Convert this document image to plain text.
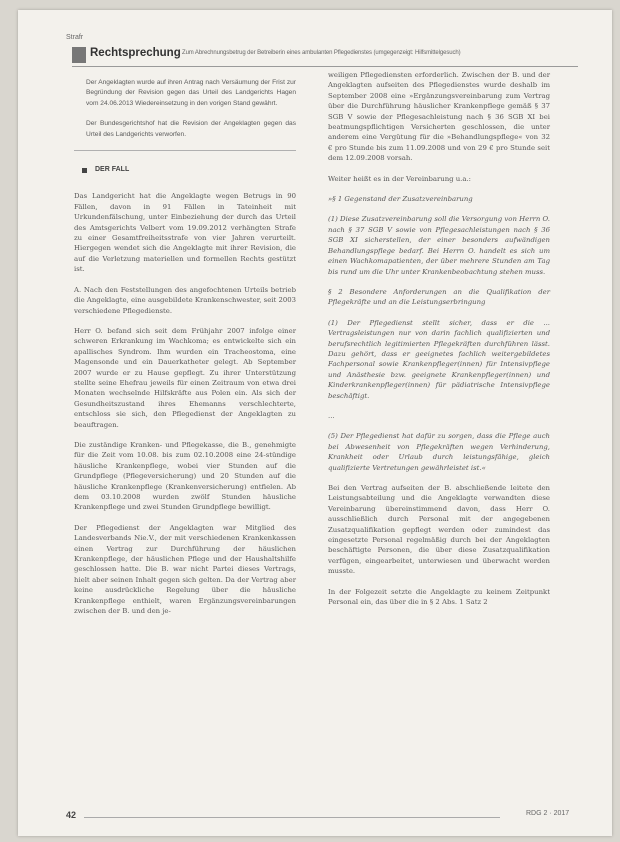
Strafr
Rechtsprechung Zum Abrechnungsbetrug der Betreiberin eines ambulanten Pflegedienstes (umgegenzeigt: Hilfsmittelgesuch)

Der Angeklagten wurde auf ihren Antrag nach Versäumung der Frist zur Begründung der Revision gegen das Urteil des Landgerichts Hagen vom 24.06.2013 Wiedereinsetzung in den vorigen Stand gewährt.

Der Bundesgerichtshof hat die Revision der Angeklagten gegen das Urteil des Landgerichts verworfen.

DER FALL

Das Landgericht hat die Angeklagte wegen Betrugs in 90 Fällen, davon in 91 Fällen in Tateinheit mit Urkundenfälschung, unter Einbeziehung der durch das Urteil des Amtsgerichts Velbert vom 19.09.2012 verhängten Strafe zu einer Gesamtfreiheitsstrafe von vier Jahren verurteilt. Hiergegen wendet sich die Angeklagte mit ihrer Revision, die auf die Verletzung materiellen und formellen Rechts gestützt ist.

A. Nach den Feststellungen des angefochtenen Urteils betrieb die Angeklagte, eine ausgebildete Krankenschwester, seit 2003 verschiedene Pflegedienste.

Herr O. befand sich seit dem Frühjahr 2007 infolge einer schweren Erkrankung im Wachkoma; es entwickelte sich ein apallisches Syndrom. Ihm wurden ein Tracheostoma, eine Magensonde und ein Dauerkatheter gelegt. Ab September 2007 wurde er zu Hause gepflegt. Zu ihrer Unterstützung stellte seine Ehefrau jeweils für einen Zeitraum von etwa drei Monaten wechselnde Hilfskräfte aus Polen ein. Als sich der Gesundheitszustand ihres Ehemanns verschlechterte, entschloss sie sich, den Pflegedienst der Angeklagten zu beauftragen.

Die zuständige Kranken- und Pflegekasse, die B., genehmigte für die Zeit vom 10.08. bis zum 02.10.2008 eine 24-stündige häusliche Krankenpflege, wobei vier Stunden auf die Grundpflege (Pflegeversicherung) und 20 Stunden auf die häusliche Krankenpflege (Krankenversicherung) entfielen. Ab dem 03.10.2008 wurden zwölf Stunden häusliche Krankenpflege und zwei Stunden Grundpflege bewilligt.

Der Pflegedienst der Angeklagten war Mitglied des Landesverbands Nie.V., der mit verschiedenen Krankenkassen einen Vertrag zur Durchführung der häuslichen Krankenpflege, der häuslichen Pflege und der Haushaltshilfe geschlossen hatte. Die B. war nicht Partei dieses Vertrags, hielt aber seinen Inhalt gegen sich gelten. Da der Vertrag aber keine ausdrückliche Regelung über die häusliche Krankenpflege enthielt, waren Ergänzungsvereinbarungen zwischen der B. und den je-

weiligen Pflegediensten erforderlich. Zwischen der B. und der Angeklagten aufseiten des Pflegedienstes wurde deshalb im September 2008 eine »Ergänzungsvereinbarung zum Vertrag über die Durchführung häuslicher Krankenpflege gemäß § 37 SGB V sowie der Pflegesachleistung nach § 36 SGB XI bei beatmungspflichtigen Versicherten geschlossen, die unter anderem eine Vergütung für die »Behandlungspflege« von 32 € pro Stunde bis zum 11.09.2008 und von 29 € pro Stunde seit dem 12.09.2008 vorsah.

Weiter heißt es in der Vereinbarung u.a.:

»§ 1 Gegenstand der Zusatzvereinbarung

(1) Diese Zusatzvereinbarung soll die Versorgung von Herrn O. nach § 37 SGB V sowie von Pflegesachleistungen nach § 36 SGB XI sicherstellen, der einer besonders aufwändigen Behandlungspflege bedarf. Bei Herrn O. handelt es sich um einen Wachkomapatienten, der über mehrere Stunden am Tag bis rund um die Uhr unter Krankenbeobachtung stehen muss.

§ 2 Besondere Anforderungen an die Qualifikation der Pflegekräfte und an die Leistungserbringung

(1) Der Pflegedienst stellt sicher, dass er die ... Vertragsleistungen nur von darin fachlich qualifizierten und berufsrechtlich legitimierten Pflegekräften durchführen lässt. Dazu gehört, dass er geeignetes fachlich weitergebildetes Fachpersonal sowie Krankenpfleger(innen) für Intensivpflege und Anästhesie bzw. geeignete Krankenpfleger(innen) und Kinderkrankenpfleger(innen) für pädiatrische Intensivpflege beschäftigt.

...

(5) Der Pflegedienst hat dafür zu sorgen, dass die Pflege auch bei Abwesenheit von Pflegekräften wegen Verhinderung, Krankheit oder Urlaub durch leistungsfähige, gleich qualifizierte Vertretungen gewährleistet ist.«

Bei den Vertrag aufseiten der B. abschließende leitete den Leistungsabteilung und die Angeklagte verwandten diese Vereinbarung übereinstimmend davon, dass Herr O. ausschließlich durch Personal mit der angegebenen Zusatzqualifikation gepflegt werden oder zumindest das eingesetzte Personal regelmäßig durch bei der Angeklagten beschäftigte Personen, die über diese Zusatzqualifikation verfügen, eingearbeitet, unterwiesen und überwacht werden musste.

In der Folgezeit setzte die Angeklagte zu keinem Zeitpunkt Personal ein, das über die in § 2 Abs. 1 Satz 2

42	RDG 2 · 2017
